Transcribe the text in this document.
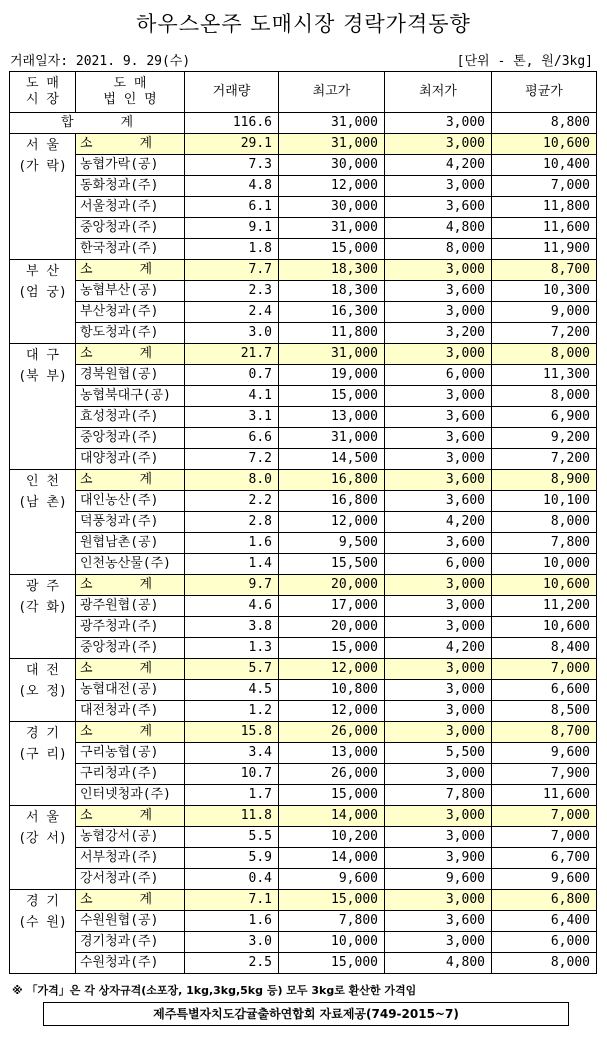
하우스온주 도매시장 경락가격동향
거래일자: 2021. 9. 29(수)	[단위 - 톤, 원/3kg]
도 매
시 장	도 매
법 인 명	거래량	최고가	최저가	평균가
합      계		116.6	31,000	3,000	8,800

서 울
(가 락)	소      계	29.1	31,000	3,000	10,600
	농협가락(공)	7.3	30,000	4,200	10,400
	동화청과(주)	4.8	12,000	3,000	7,000
	서울청과(주)	6.1	30,000	3,600	11,800
	중앙청과(주)	9.1	31,000	4,800	11,600
	한국청과(주)	1.8	15,000	8,000	11,900

부 산
(엄 궁)	소      계	7.7	18,300	3,000	8,700
	농협부산(공)	2.3	18,300	3,600	10,300
	부산청과(주)	2.4	16,300	3,000	9,000
	항도청과(주)	3.0	11,800	3,200	7,200

대 구
(북 부)	소      계	21.7	31,000	3,000	8,000
	경북원협(공)	0.7	19,000	6,000	11,300
	농협북대구(공)	4.1	15,000	3,000	8,000
	효성청과(주)	3.1	13,000	3,600	6,900
	중앙청과(주)	6.6	31,000	3,600	9,200
	대양청과(주)	7.2	14,500	3,000	7,200

인 천
(남 촌)	소      계	8.0	16,800	3,600	8,900
	대인농산(주)	2.2	16,800	3,600	10,100
	덕풍청과(주)	2.8	12,000	4,200	8,000
	원협남촌(공)	1.6	9,500	3,600	7,800
	인천농산물(주)	1.4	15,500	6,000	10,000

광 주
(각 화)	소      계	9.7	20,000	3,000	10,600
	광주원협(공)	4.6	17,000	3,000	11,200
	광주청과(주)	3.8	20,000	3,000	10,600
	중앙청과(주)	1.3	15,000	4,200	8,400

대 전
(오 정)	소      계	5.7	12,000	3,000	7,000
	농협대전(공)	4.5	10,800	3,000	6,600
	대전청과(주)	1.2	12,000	3,000	8,500

경 기
(구 리)	소      계	15.8	26,000	3,000	8,700
	구리농협(공)	3.4	13,000	5,500	9,600
	구리청과(주)	10.7	26,000	3,000	7,900
	인터넷청과(주)	1.7	15,000	7,800	11,600

서 울
(강 서)	소      계	11.8	14,000	3,000	7,000
	농협강서(공)	5.5	10,200	3,000	7,000
	서부청과(주)	5.9	14,000	3,900	6,700
	강서청과(주)	0.4	9,600	9,600	9,600

경 기
(수 원)	소      계	7.1	15,000	3,000	6,800
	수원원협(공)	1.6	7,800	3,600	6,400
	경기청과(주)	3.0	10,000	3,000	6,000
	수원청과(주)	2.5	15,000	4,800	8,000
※ 「가격」은 각 상자규격(소포장, 1kg,3kg,5kg 등) 모두 3kg로 환산한 가격임
제주특별자치도감귤출하연합회 자료제공(749-2015~7)
